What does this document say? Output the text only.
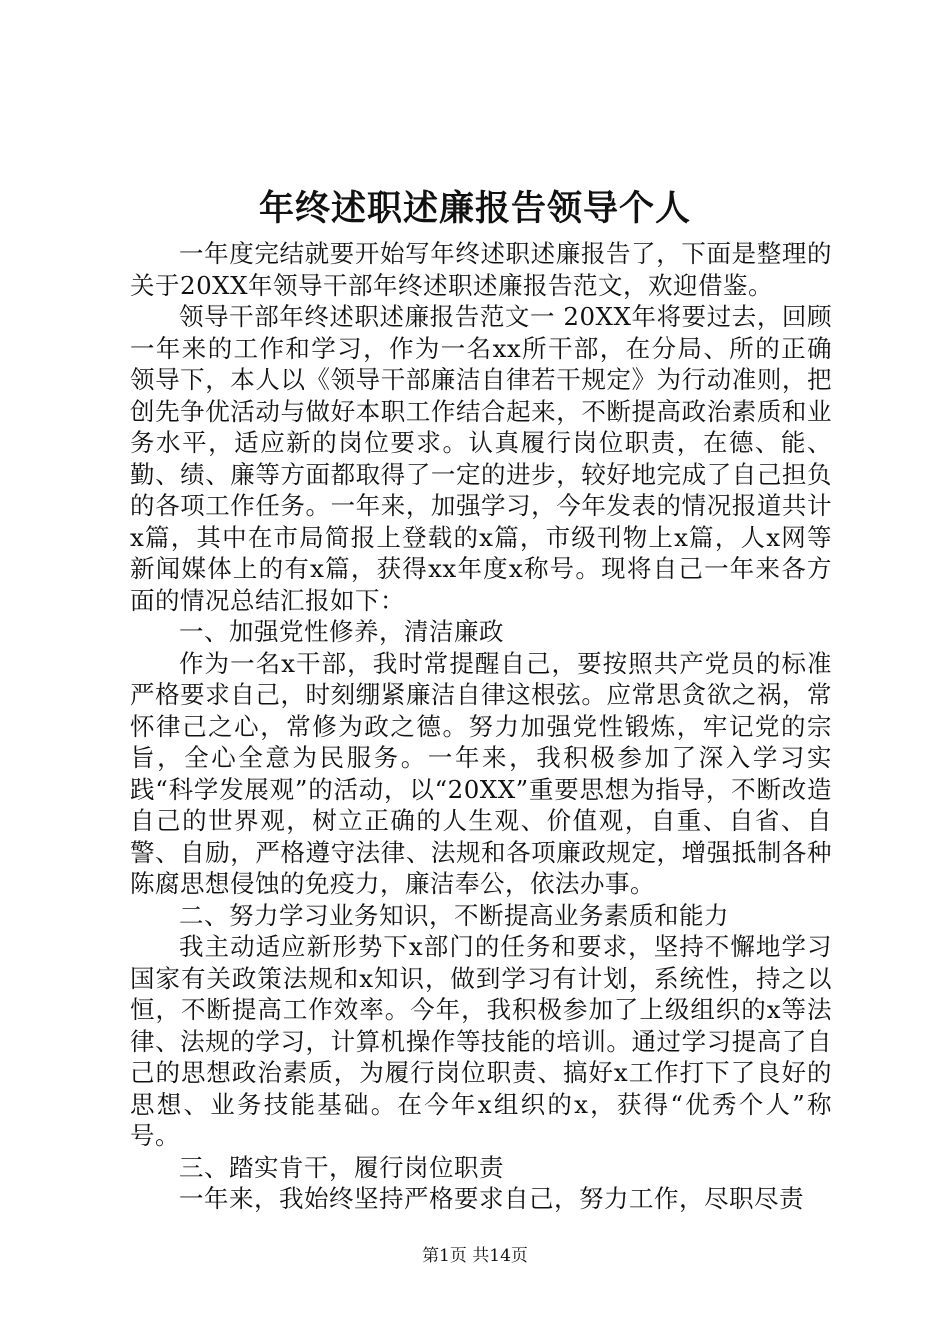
年终述职述廉报告领导个人

一年度完结就要开始写年终述职述廉报告了，下面是整理的关于20XX年领导干部年终述职述廉报告范文，欢迎借鉴。

领导干部年终述职述廉报告范文一 20XX年将要过去，回顾一年来的工作和学习，作为一名xx所干部，在分局、所的正确领导下，本人以《领导干部廉洁自律若干规定》为行动准则，把创先争优活动与做好本职工作结合起来，不断提高政治素质和业务水平，适应新的岗位要求。认真履行岗位职责，在德、能、勤、绩、廉等方面都取得了一定的进步，较好地完成了自己担负的各项工作任务。一年来，加强学习，今年发表的情况报道共计x篇，其中在市局简报上登载的x篇，市级刊物上x篇，人x网等新闻媒体上的有x篇，获得xx年度x称号。现将自己一年来各方面的情况总结汇报如下：

一、加强党性修养，清洁廉政

作为一名x干部，我时常提醒自己，要按照共产党员的标准严格要求自己，时刻绷紧廉洁自律这根弦。应常思贪欲之祸，常怀律己之心，常修为政之德。努力加强党性锻炼，牢记党的宗旨，全心全意为民服务。一年来，我积极参加了深入学习实践“科学发展观”的活动，以“20XX”重要思想为指导，不断改造自己的世界观，树立正确的人生观、价值观，自重、自省、自警、自励，严格遵守法律、法规和各项廉政规定，增强抵制各种陈腐思想侵蚀的免疫力，廉洁奉公，依法办事。

二、努力学习业务知识，不断提高业务素质和能力

我主动适应新形势下x部门的任务和要求，坚持不懈地学习国家有关政策法规和x知识，做到学习有计划，系统性，持之以恒，不断提高工作效率。今年，我积极参加了上级组织的x等法律、法规的学习，计算机操作等技能的培训。通过学习提高了自己的思想政治素质，为履行岗位职责、搞好x工作打下了良好的思想、业务技能基础。在今年x组织的x，获得“优秀个人”称号。

三、踏实肯干，履行岗位职责

一年来，我始终坚持严格要求自己，努力工作，尽职尽责

第1页 共14页
